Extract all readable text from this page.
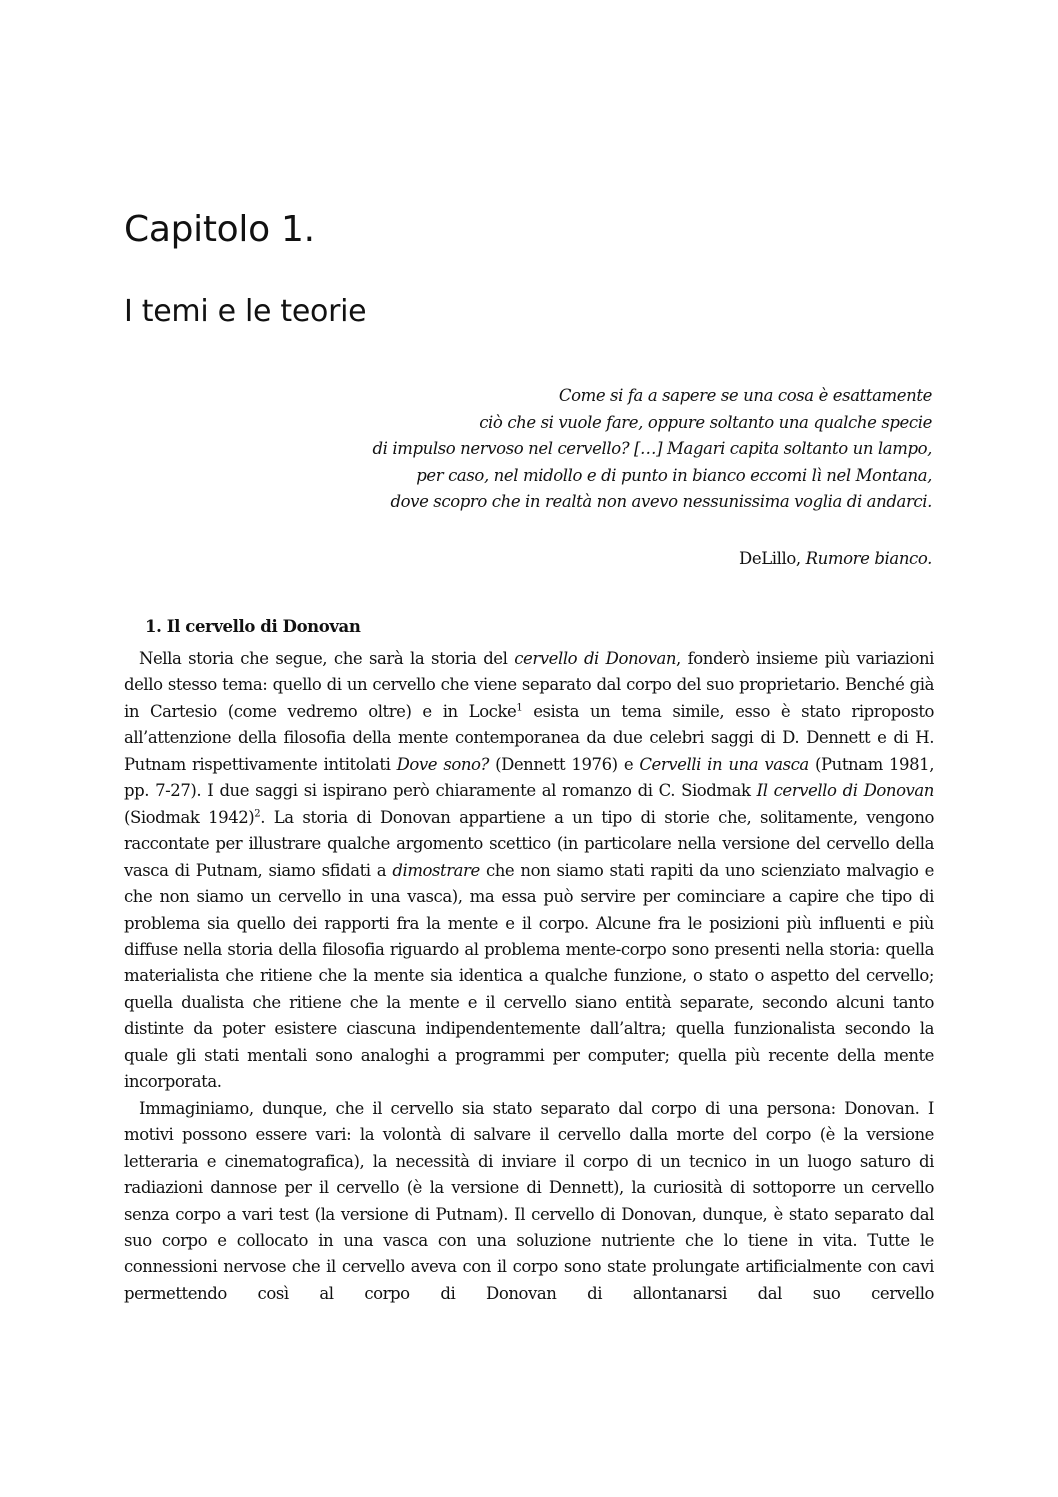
Capitolo 1.
I temi e le teorie
Come si fa a sapere se una cosa è esattamente
ciò che si vuole fare, oppure soltanto una qualche specie
di impulso nervoso nel cervello? […] Magari capita soltanto un lampo,
per caso, nel midollo e di punto in bianco eccomi lì nel Montana,
dove scopro che in realtà non avevo nessunissima voglia di andarci.
DeLillo, Rumore bianco.
1. Il cervello di Donovan

Nella storia che segue, che sarà la storia del cervello di Donovan, fonderò insieme più variazioni dello stesso tema: quello di un cervello che viene separato dal corpo del suo proprietario. Benché già in Cartesio (come vedremo oltre) e in Locke$^1$ esista un tema simile, esso è stato riproposto all’attenzione della filosofia della mente contemporanea da due celebri saggi di D. Dennett e di H. Putnam rispettivamente intitolati Dove sono? (Dennett 1976) e Cervelli in una vasca (Putnam 1981, pp. 7-27). I due saggi si ispirano però chiaramente al romanzo di C. Siodmak Il cervello di Donovan (Siodmak 1942)$^2$. La storia di Donovan appartiene a un tipo di storie che, solitamente, vengono raccontate per illustrare qualche argomento scettico (in particolare nella versione del cervello della vasca di Putnam, siamo sfidati a dimostrare che non siamo stati rapiti da uno scienziato malvagio e che non siamo un cervello in una vasca), ma essa può servire per cominciare a capire che tipo di problema sia quello dei rapporti fra la mente e il corpo. Alcune fra le posizioni più influenti e più diffuse nella storia della filosofia riguardo al problema mente-corpo sono presenti nella storia: quella materialista che ritiene che la mente sia identica a qualche funzione, o stato o aspetto del cervello; quella dualista che ritiene che la mente e il cervello siano entità separate, secondo alcuni tanto distinte da poter esistere ciascuna indipendentemente dall’altra; quella funzionalista secondo la quale gli stati mentali sono analoghi a programmi per computer; quella più recente della mente incorporata.

Immaginiamo, dunque, che il cervello sia stato separato dal corpo di una persona: Donovan. I motivi possono essere vari: la volontà di salvare il cervello dalla morte del corpo (è la versione letteraria e cinematografica), la necessità di inviare il corpo di un tecnico in un luogo saturo di radiazioni dannose per il cervello (è la versione di Dennett), la curiosità di sottoporre un cervello senza corpo a vari test (la versione di Putnam). Il cervello di Donovan, dunque, è stato separato dal suo corpo e collocato in una vasca con una soluzione nutriente che lo tiene in vita. Tutte le connessioni nervose che il cervello aveva con il corpo sono state prolungate artificialmente con cavi permettendo così al corpo di Donovan di allontanarsi dal suo cervello
